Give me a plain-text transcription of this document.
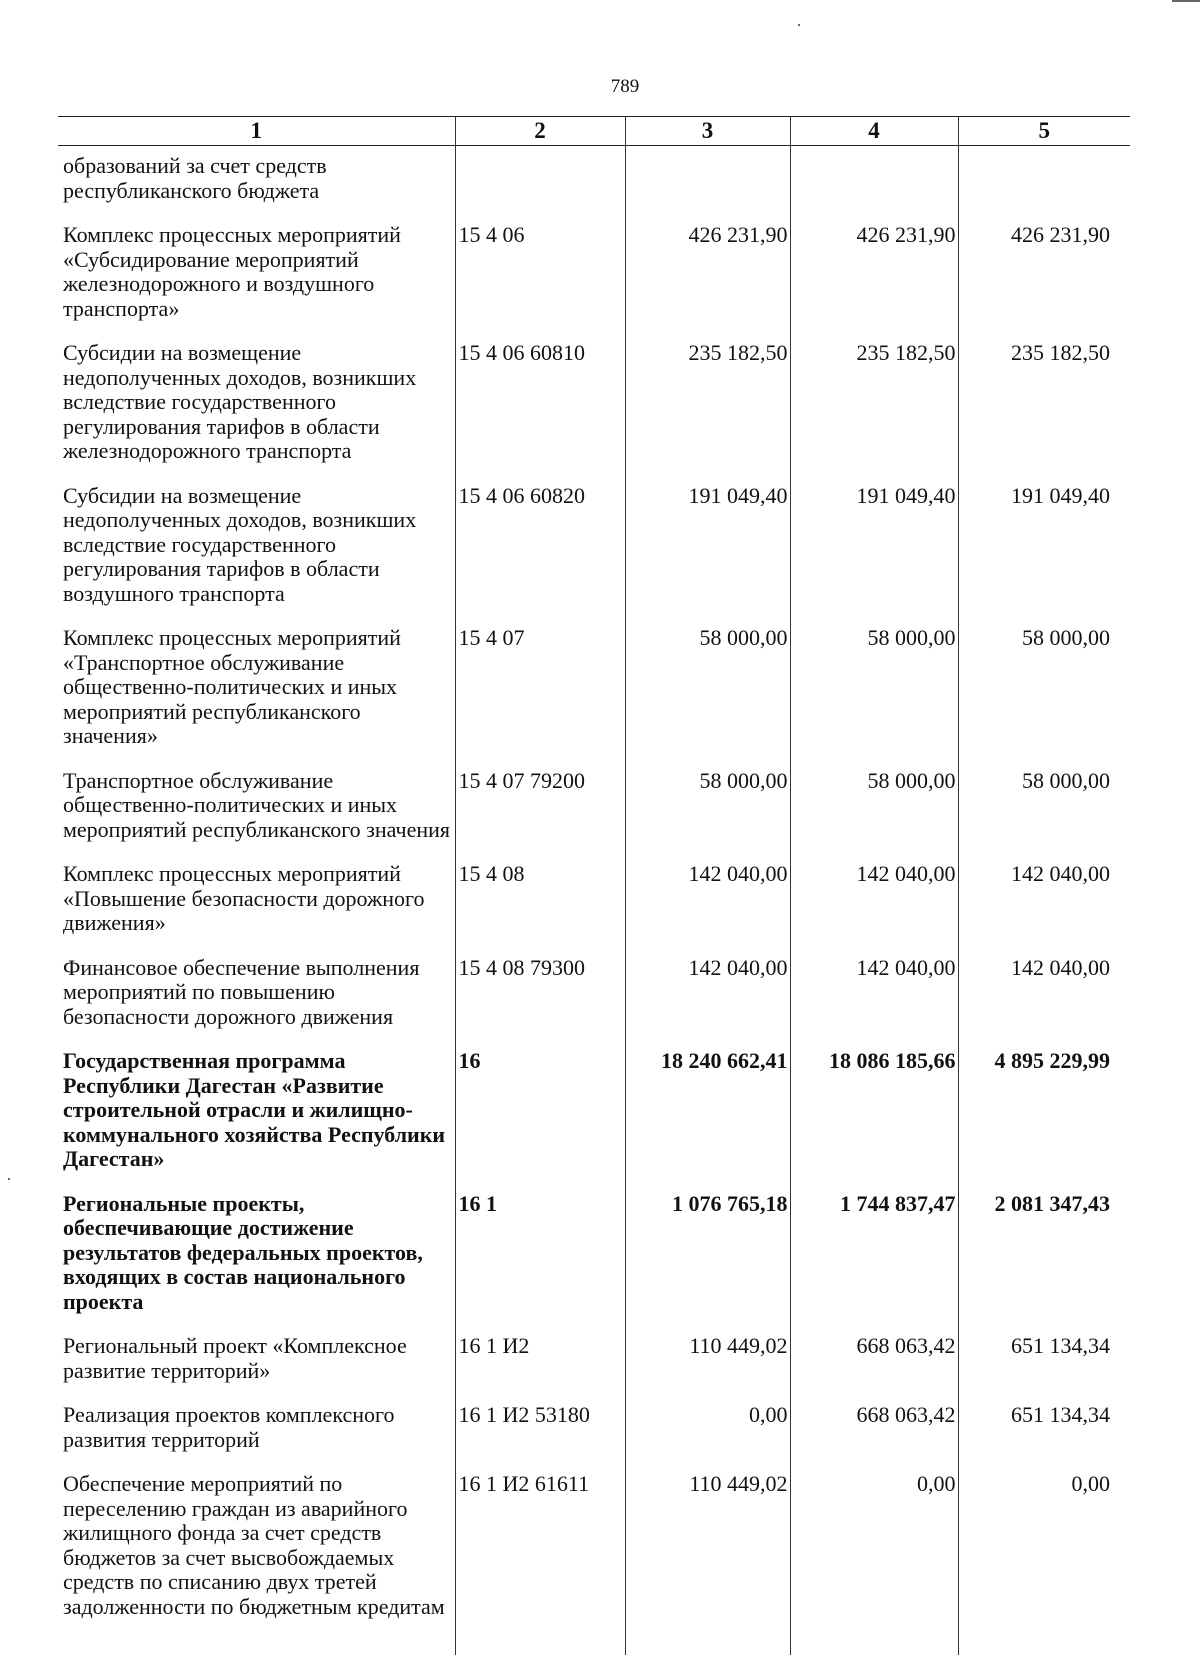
789
1	2	3	4	5
образований за счет средств республиканского бюджета				
Комплекс процессных мероприятий «Субсидирование мероприятий железнодорожного и воздушного транспорта»	15 4 06	426 231,90	426 231,90	426 231,90
Субсидии на возмещение недополученных доходов, возникших вследствие государственного регулирования тарифов в области железнодорожного транспорта	15 4 06 60810	235 182,50	235 182,50	235 182,50
Субсидии на возмещение недополученных доходов, возникших вследствие государственного регулирования тарифов в области воздушного транспорта	15 4 06 60820	191 049,40	191 049,40	191 049,40
Комплекс процессных мероприятий «Транспортное обслуживание общественно-политических и иных мероприятий республиканского значения»	15 4 07	58 000,00	58 000,00	58 000,00
Транспортное обслуживание общественно-политических и иных мероприятий республиканского значения	15 4 07 79200	58 000,00	58 000,00	58 000,00
Комплекс процессных мероприятий «Повышение безопасности дорожного движения»	15 4 08	142 040,00	142 040,00	142 040,00
Финансовое обеспечение выполнения мероприятий по повышению безопасности дорожного движения	15 4 08 79300	142 040,00	142 040,00	142 040,00
Государственная программа Республики Дагестан «Развитие строительной отрасли и жилищно-коммунального хозяйства Республики Дагестан»	16	18 240 662,41	18 086 185,66	4 895 229,99
Региональные проекты, обеспечивающие достижение результатов федеральных проектов, входящих в состав национального проекта	16 1	1 076 765,18	1 744 837,47	2 081 347,43
Региональный проект «Комплексное развитие территорий»	16 1 И2	110 449,02	668 063,42	651 134,34
Реализация проектов комплексного развития территорий	16 1 И2 53180	0,00	668 063,42	651 134,34
Обеспечение мероприятий по переселению граждан из аварийного жилищного фонда за счет средств бюджетов за счет высвобождаемых средств по списанию двух третей задолженности по бюджетным кредитам	16 1 И2 61611	110 449,02	0,00	0,00
